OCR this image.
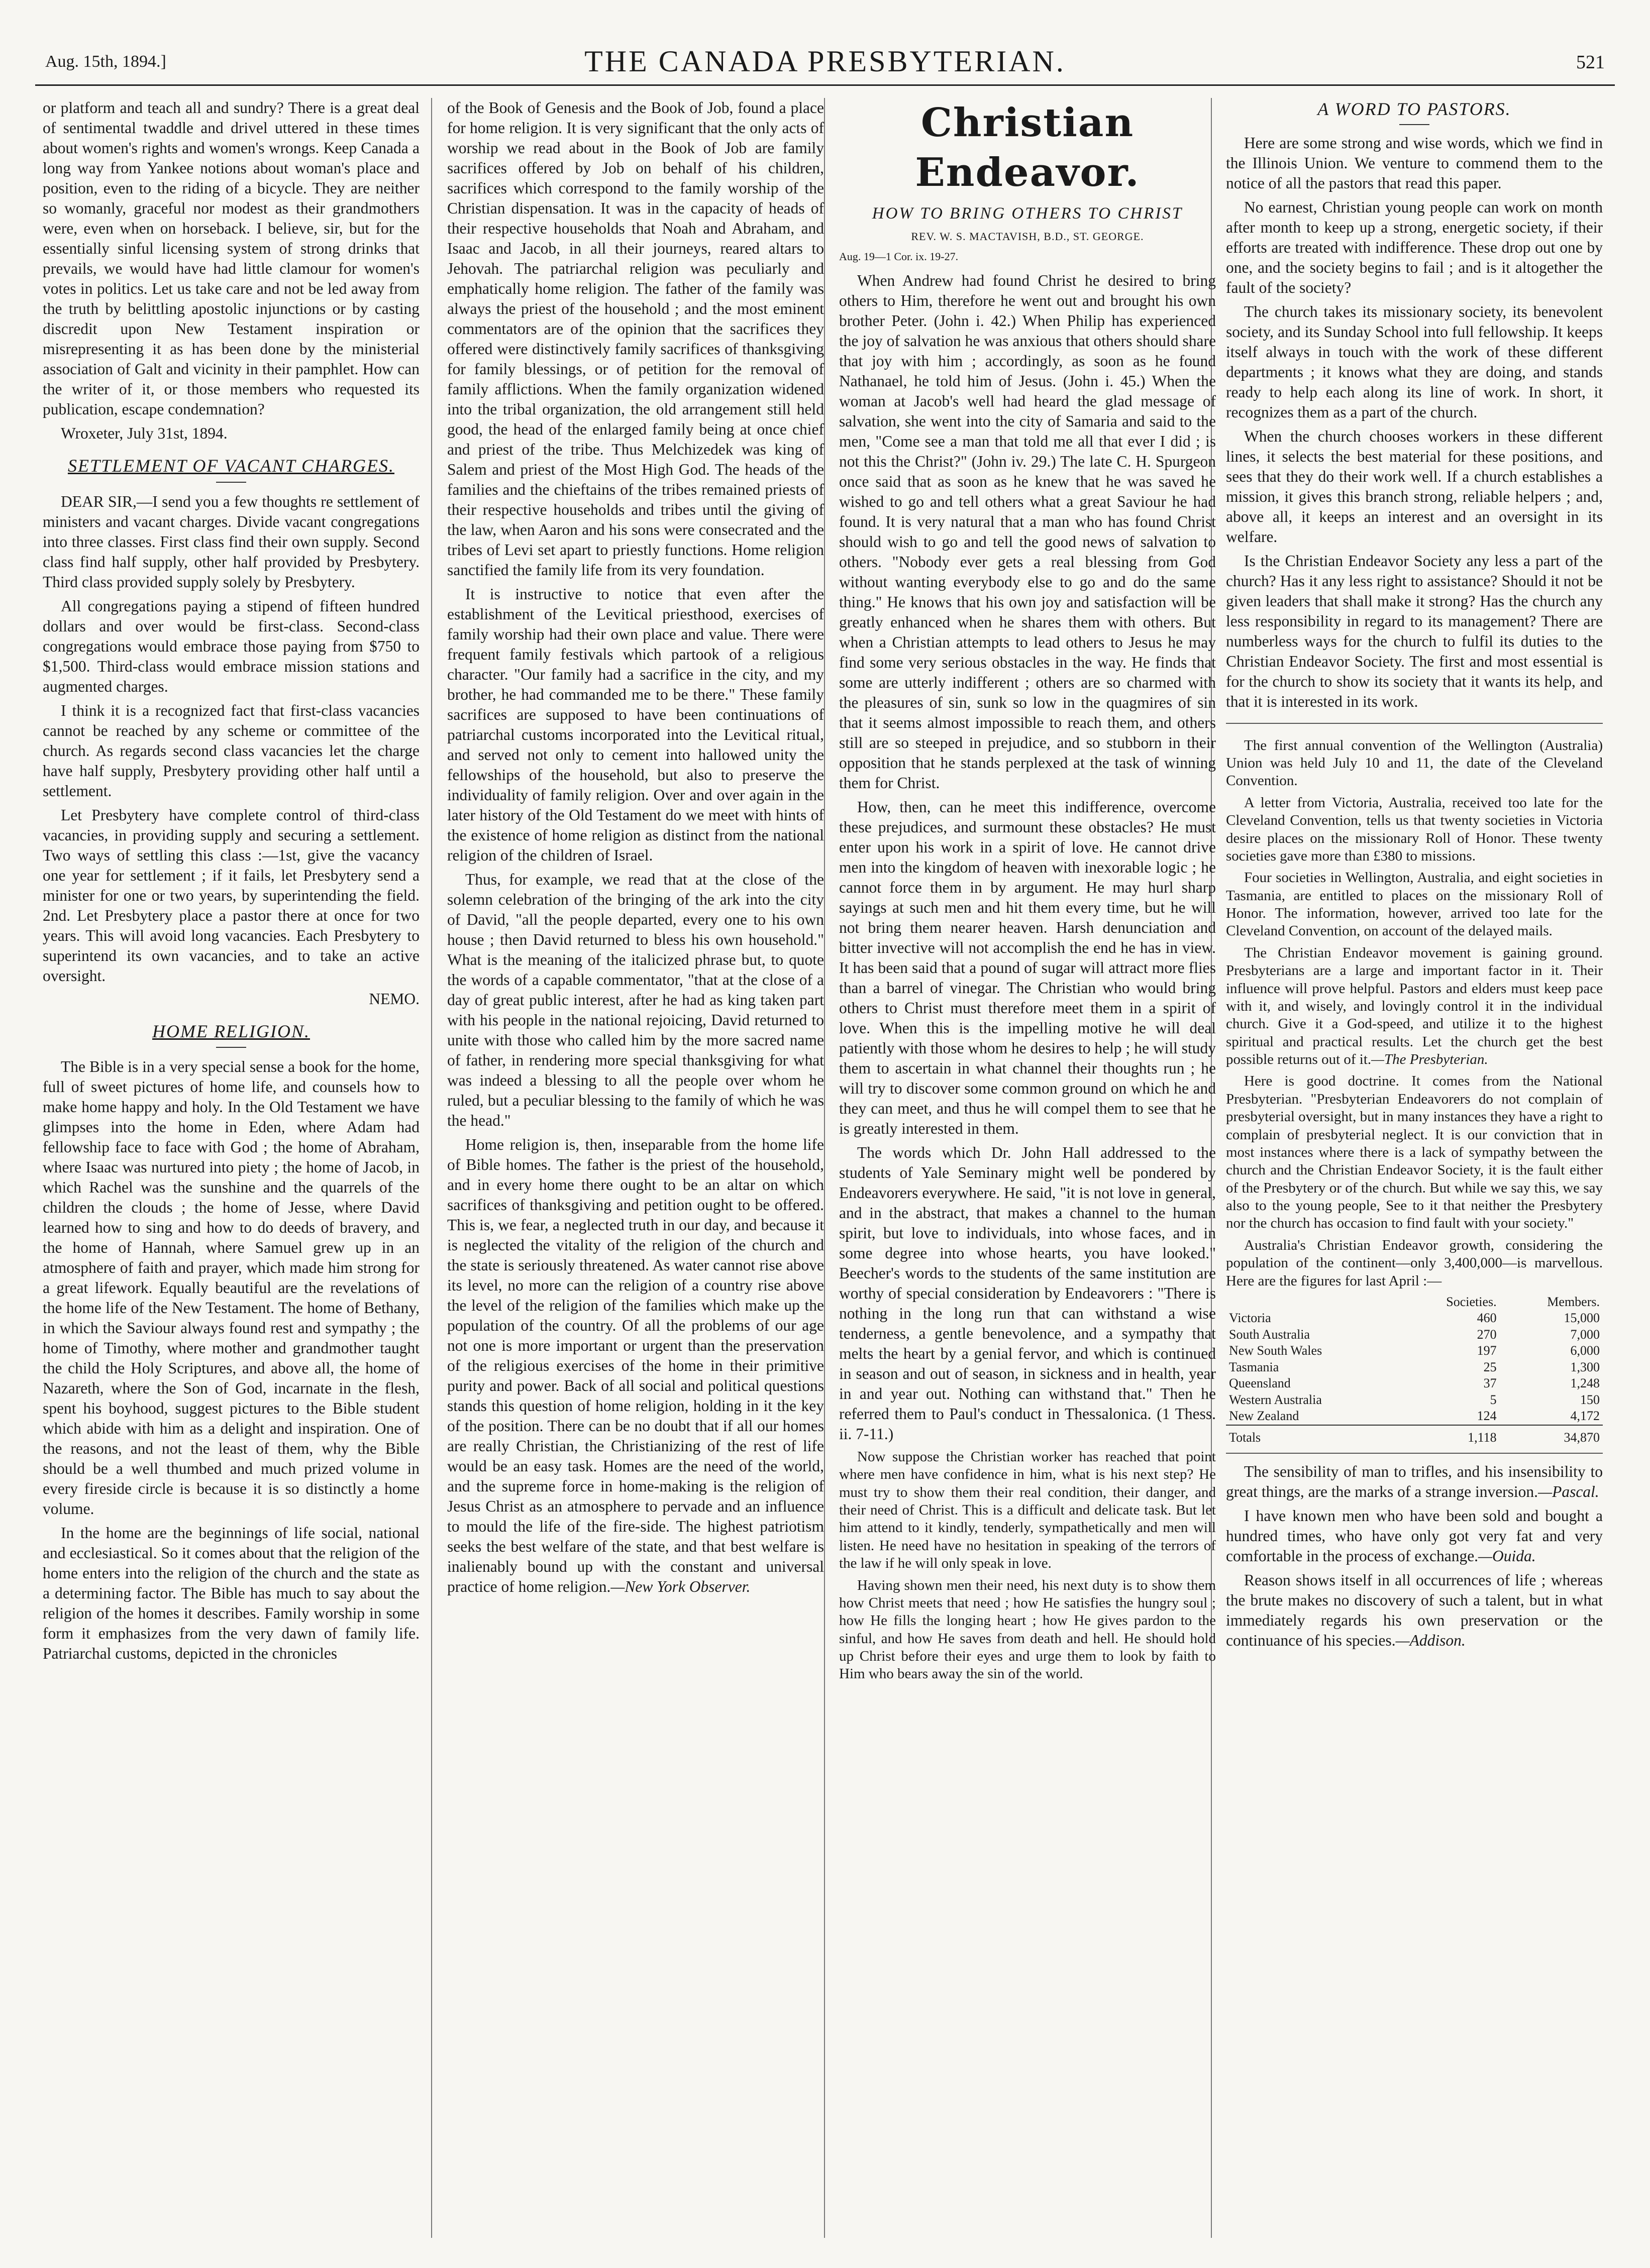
Aug. 15th, 1894.]	THE CANADA PRESBYTERIAN.	521

or platform and teach all and sundry? There is a great deal of sentimental twaddle and drivel uttered in these times about women's rights and women's wrongs. Keep Canada a long way from Yankee notions about woman's place and position, even to the riding of a bicycle. They are neither so womanly, graceful nor modest as their grandmothers were, even when on horseback. I believe, sir, but for the essentially sinful licensing system of strong drinks that prevails, we would have had little clamour for women's votes in politics. Let us take care and not be led away from the truth by belittling apostolic injunctions or by casting discredit upon New Testament inspiration or misrepresenting it as has been done by the ministerial association of Galt and vicinity in their pamphlet. How can the writer of it, or those members who requested its publication, escape condemnation?

Wroxeter, July 31st, 1894.

SETTLEMENT OF VACANT CHARGES.

DEAR SIR,—I send you a few thoughts re settlement of ministers and vacant charges. Divide vacant congregations into three classes. First class find their own supply. Second class find half supply, other half provided by Presbytery. Third class provided supply solely by Presbytery.

All congregations paying a stipend of fifteen hundred dollars and over would be first-class. Second-class congregations would embrace those paying from $750 to $1,500. Third-class would embrace mission stations and augmented charges.

I think it is a recognized fact that first-class vacancies cannot be reached by any scheme or committee of the church. As regards second class vacancies let the charge have half supply, Presbytery providing other half until a settlement.

Let Presbytery have complete control of third-class vacancies, in providing supply and securing a settlement. Two ways of settling this class :—1st, give the vacancy one year for settlement ; if it fails, let Presbytery send a minister for one or two years, by superintending the field. 2nd. Let Presbytery place a pastor there at once for two years. This will avoid long vacancies. Each Presbytery to superintend its own vacancies, and to take an active oversight.

NEMO.
HOME RELIGION.

The Bible is in a very special sense a book for the home, full of sweet pictures of home life, and counsels how to make home happy and holy. In the Old Testament we have glimpses into the home in Eden, where Adam had fellowship face to face with God ; the home of Abraham, where Isaac was nurtured into piety ; the home of Jacob, in which Rachel was the sunshine and the quarrels of the children the clouds ; the home of Jesse, where David learned how to sing and how to do deeds of bravery, and the home of Hannah, where Samuel grew up in an atmosphere of faith and prayer, which made him strong for a great lifework. Equally beautiful are the revelations of the home life of the New Testament. The home of Bethany, in which the Saviour always found rest and sympathy ; the home of Timothy, where mother and grandmother taught the child the Holy Scriptures, and above all, the home of Nazareth, where the Son of God, incarnate in the flesh, spent his boyhood, suggest pictures to the Bible student which abide with him as a delight and inspiration. One of the reasons, and not the least of them, why the Bible should be a well thumbed and much prized volume in every fireside circle is because it is so distinctly a home volume.

In the home are the beginnings of life social, national and ecclesiastical. So it comes about that the religion of the home enters into the religion of the church and the state as a determining factor. The Bible has much to say about the religion of the homes it describes. Family worship in some form it emphasizes from the very dawn of family life. Patriarchal customs, depicted in the chronicles

of the Book of Genesis and the Book of Job, found a place for home religion. It is very significant that the only acts of worship we read about in the Book of Job are family sacrifices offered by Job on behalf of his children, sacrifices which correspond to the family worship of the Christian dispensation. It was in the capacity of heads of their respective households that Noah and Abraham, and Isaac and Jacob, in all their journeys, reared altars to Jehovah. The patriarchal religion was peculiarly and emphatically home religion. The father of the family was always the priest of the household ; and the most eminent commentators are of the opinion that the sacrifices they offered were distinctively family sacrifices of thanksgiving for family blessings, or of petition for the removal of family afflictions. When the family organization widened into the tribal organization, the old arrangement still held good, the head of the enlarged family being at once chief and priest of the tribe. Thus Melchizedek was king of Salem and priest of the Most High God. The heads of the families and the chieftains of the tribes remained priests of their respective households and tribes until the giving of the law, when Aaron and his sons were consecrated and the tribes of Levi set apart to priestly functions. Home religion sanctified the family life from its very foundation.

It is instructive to notice that even after the establishment of the Levitical priesthood, exercises of family worship had their own place and value. There were frequent family festivals which partook of a religious character. "Our family had a sacrifice in the city, and my brother, he had commanded me to be there." These family sacrifices are supposed to have been continuations of patriarchal customs incorporated into the Levitical ritual, and served not only to cement into hallowed unity the fellowships of the household, but also to preserve the individuality of family religion. Over and over again in the later history of the Old Testament do we meet with hints of the existence of home religion as distinct from the national religion of the children of Israel.

Thus, for example, we read that at the close of the solemn celebration of the bringing of the ark into the city of David, "all the people departed, every one to his own house ; then David returned to bless his own household." What is the meaning of the italicized phrase but, to quote the words of a capable commentator, "that at the close of a day of great public interest, after he had as king taken part with his people in the national rejoicing, David returned to unite with those who called him by the more sacred name of father, in rendering more special thanksgiving for what was indeed a blessing to all the people over whom he ruled, but a peculiar blessing to the family of which he was the head."

Home religion is, then, inseparable from the home life of Bible homes. The father is the priest of the household, and in every home there ought to be an altar on which sacrifices of thanksgiving and petition ought to be offered. This is, we fear, a neglected truth in our day, and because it is neglected the vitality of the religion of the church and the state is seriously threatened. As water cannot rise above its level, no more can the religion of a country rise above the level of the religion of the families which make up the population of the country. Of all the problems of our age not one is more important or urgent than the preservation of the religious exercises of the home in their primitive purity and power. Back of all social and political questions stands this question of home religion, holding in it the key of the position. There can be no doubt that if all our homes are really Christian, the Christianizing of the rest of life would be an easy task. Homes are the need of the world, and the supreme force in home-making is the religion of Jesus Christ as an atmosphere to pervade and an influence to mould the life of the fire-side. The highest patriotism seeks the best welfare of the state, and that best welfare is inalienably bound up with the constant and universal practice of home religion.—New York Observer.

Christian Endeavor.
HOW TO BRING OTHERS TO CHRIST
REV. W. S. MACTAVISH, B.D., ST. GEORGE.
Aug. 19—1 Cor. ix. 19-27.

When Andrew had found Christ he desired to bring others to Him, therefore he went out and brought his own brother Peter. (John i. 42.) When Philip has experienced the joy of salvation he was anxious that others should share that joy with him ; accordingly, as soon as he found Nathanael, he told him of Jesus. (John i. 45.) When the woman at Jacob's well had heard the glad message of salvation, she went into the city of Samaria and said to the men, "Come see a man that told me all that ever I did ; is not this the Christ?" (John iv. 29.) The late C. H. Spurgeon once said that as soon as he knew that he was saved he wished to go and tell others what a great Saviour he had found. It is very natural that a man who has found Christ should wish to go and tell the good news of salvation to others. "Nobody ever gets a real blessing from God without wanting everybody else to go and do the same thing." He knows that his own joy and satisfaction will be greatly enhanced when he shares them with others. But when a Christian attempts to lead others to Jesus he may find some very serious obstacles in the way. He finds that some are utterly indifferent ; others are so charmed with the pleasures of sin, sunk so low in the quagmires of sin that it seems almost impossible to reach them, and others still are so steeped in prejudice, and so stubborn in their opposition that he stands perplexed at the task of winning them for Christ.

How, then, can he meet this indifference, overcome these prejudices, and surmount these obstacles? He must enter upon his work in a spirit of love. He cannot drive men into the kingdom of heaven with inexorable logic ; he cannot force them in by argument. He may hurl sharp sayings at such men and hit them every time, but he will not bring them nearer heaven. Harsh denunciation and bitter invective will not accomplish the end he has in view. It has been said that a pound of sugar will attract more flies than a barrel of vinegar. The Christian who would bring others to Christ must therefore meet them in a spirit of love. When this is the impelling motive he will deal patiently with those whom he desires to help ; he will study them to ascertain in what channel their thoughts run ; he will try to discover some common ground on which he and they can meet, and thus he will compel them to see that he is greatly interested in them.

The words which Dr. John Hall addressed to the students of Yale Seminary might well be pondered by Endeavorers everywhere. He said, "it is not love in general, and in the abstract, that makes a channel to the human spirit, but love to individuals, into whose faces, and in some degree into whose hearts, you have looked." Beecher's words to the students of the same institution are worthy of special consideration by Endeavorers : "There is nothing in the long run that can withstand a wise tenderness, a gentle benevolence, and a sympathy that melts the heart by a genial fervor, and which is continued in season and out of season, in sickness and in health, year in and year out. Nothing can withstand that." Then he referred them to Paul's conduct in Thessalonica. (1 Thess. ii. 7-11.)

Now suppose the Christian worker has reached that point where men have confidence in him, what is his next step? He must try to show them their real condition, their danger, and their need of Christ. This is a difficult and delicate task. But let him attend to it kindly, tenderly, sympathetically and men will listen. He need have no hesitation in speaking of the terrors of the law if he will only speak in love.

Having shown men their need, his next duty is to show them how Christ meets that need ; how He satisfies the hungry soul ; how He fills the longing heart ; how He gives pardon to the sinful, and how He saves from death and hell. He should hold up Christ before their eyes and urge them to look by faith to Him who bears away the sin of the world.

A WORD TO PASTORS.

Here are some strong and wise words, which we find in the Illinois Union. We venture to commend them to the notice of all the pastors that read this paper.

No earnest, Christian young people can work on month after month to keep up a strong, energetic society, if their efforts are treated with indifference. These drop out one by one, and the society begins to fail ; and is it altogether the fault of the society?

The church takes its missionary society, its benevolent society, and its Sunday School into full fellowship. It keeps itself always in touch with the work of these different departments ; it knows what they are doing, and stands ready to help each along its line of work. In short, it recognizes them as a part of the church.

When the church chooses workers in these different lines, it selects the best material for these positions, and sees that they do their work well. If a church establishes a mission, it gives this branch strong, reliable helpers ; and, above all, it keeps an interest and an oversight in its welfare.

Is the Christian Endeavor Society any less a part of the church? Has it any less right to assistance? Should it not be given leaders that shall make it strong? Has the church any less responsibility in regard to its management? There are numberless ways for the church to fulfil its duties to the Christian Endeavor Society. The first and most essential is for the church to show its society that it wants its help, and that it is interested in its work.

The first annual convention of the Wellington (Australia) Union was held July 10 and 11, the date of the Cleveland Convention.

A letter from Victoria, Australia, received too late for the Cleveland Convention, tells us that twenty societies in Victoria desire places on the missionary Roll of Honor. These twenty societies gave more than £380 to missions.

Four societies in Wellington, Australia, and eight societies in Tasmania, are entitled to places on the missionary Roll of Honor. The information, however, arrived too late for the Cleveland Convention, on account of the delayed mails.

The Christian Endeavor movement is gaining ground. Presbyterians are a large and important factor in it. Their influence will prove helpful. Pastors and elders must keep pace with it, and wisely, and lovingly control it in the individual church. Give it a God-speed, and utilize it to the highest spiritual and practical results. Let the church get the best possible returns out of it.—The Presbyterian.

Here is good doctrine. It comes from the National Presbyterian. "Presbyterian Endeavorers do not complain of presbyterial oversight, but in many instances they have a right to complain of presbyterial neglect. It is our conviction that in most instances where there is a lack of sympathy between the church and the Christian Endeavor Society, it is the fault either of the Presbytery or of the church. But while we say this, we say also to the young people, See to it that neither the Presbytery nor the church has occasion to find fault with your society."

Australia's Christian Endeavor growth, considering the population of the continent—only 3,400,000—is marvellous. Here are the figures for last April :—

	Societies.	Members.
Victoria	460	15,000
South Australia	270	7,000
New South Wales	197	6,000
Tasmania	25	1,300
Queensland	37	1,248
Western Australia	5	150
New Zealand	124	4,172
Totals	1,118	34,870

The sensibility of man to trifles, and his insensibility to great things, are the marks of a strange inversion.—Pascal.

I have known men who have been sold and bought a hundred times, who have only got very fat and very comfortable in the process of exchange.—Ouida.

Reason shows itself in all occurrences of life ; whereas the brute makes no discovery of such a talent, but in what immediately regards his own preservation or the continuance of his species.—Addison.
